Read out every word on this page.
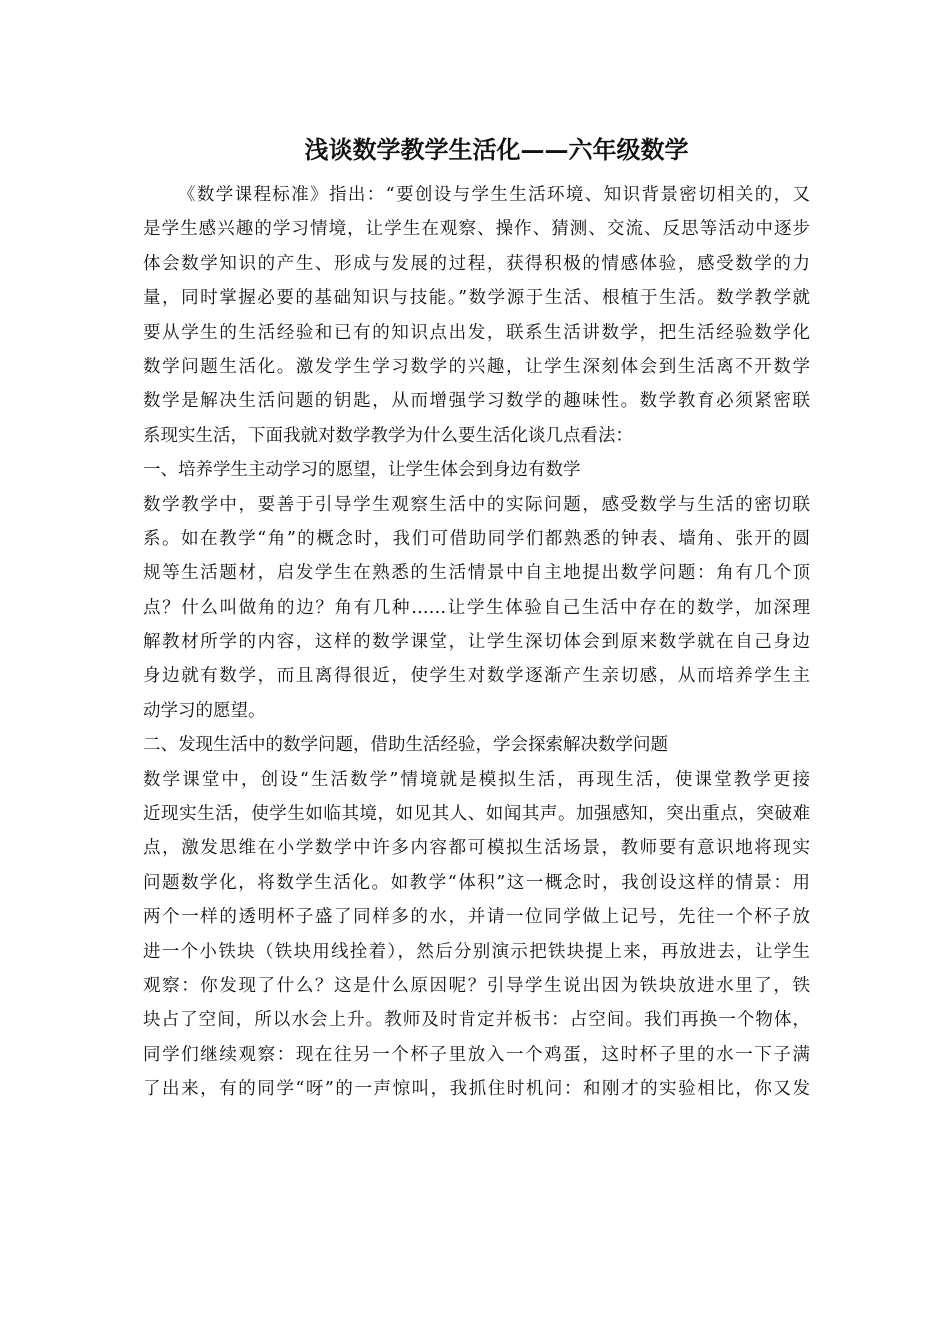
浅谈数学教学生活化——六年级数学
《数学课程标准》指出：“要创设与学生生活环境、知识背景密切相关的，又
是学生感兴趣的学习情境，让学生在观察、操作、猜测、交流、反思等活动中逐步
体会数学知识的产生、形成与发展的过程，获得积极的情感体验，感受数学的力
量，同时掌握必要的基础知识与技能。”数学源于生活、根植于生活。数学教学就
要从学生的生活经验和已有的知识点出发，联系生活讲数学，把生活经验数学化
数学问题生活化。激发学生学习数学的兴趣，让学生深刻体会到生活离不开数学
数学是解决生活问题的钥匙，从而增强学习数学的趣味性。数学教育必须紧密联
系现实生活，下面我就对数学教学为什么要生活化谈几点看法：
一、培养学生主动学习的愿望，让学生体会到身边有数学
数学教学中，要善于引导学生观察生活中的实际问题，感受数学与生活的密切联
系。如在教学“角”的概念时，我们可借助同学们都熟悉的钟表、墙角、张开的圆
规等生活题材，启发学生在熟悉的生活情景中自主地提出数学问题：角有几个顶
点？什么叫做角的边？角有几种……让学生体验自己生活中存在的数学，加深理
解教材所学的内容，这样的数学课堂，让学生深切体会到原来数学就在自己身边
身边就有数学，而且离得很近，使学生对数学逐渐产生亲切感，从而培养学生主
动学习的愿望。
二、发现生活中的数学问题，借助生活经验，学会探索解决数学问题
数学课堂中，创设“生活数学”情境就是模拟生活，再现生活，使课堂教学更接
近现实生活，使学生如临其境，如见其人、如闻其声。加强感知，突出重点，突破难
点，激发思维在小学数学中许多内容都可模拟生活场景，教师要有意识地将现实
问题数学化，将数学生活化。如教学“体积”这一概念时，我创设这样的情景：用
两个一样的透明杯子盛了同样多的水，并请一位同学做上记号，先往一个杯子放
进一个小铁块（铁块用线拴着），然后分别演示把铁块提上来，再放进去，让学生
观察：你发现了什么？这是什么原因呢？引导学生说出因为铁块放进水里了，铁
块占了空间，所以水会上升。教师及时肯定并板书：占空间。我们再换一个物体，
同学们继续观察：现在往另一个杯子里放入一个鸡蛋，这时杯子里的水一下子满
了出来，有的同学“呀”的一声惊叫，我抓住时机问：和刚才的实验相比，你又发
